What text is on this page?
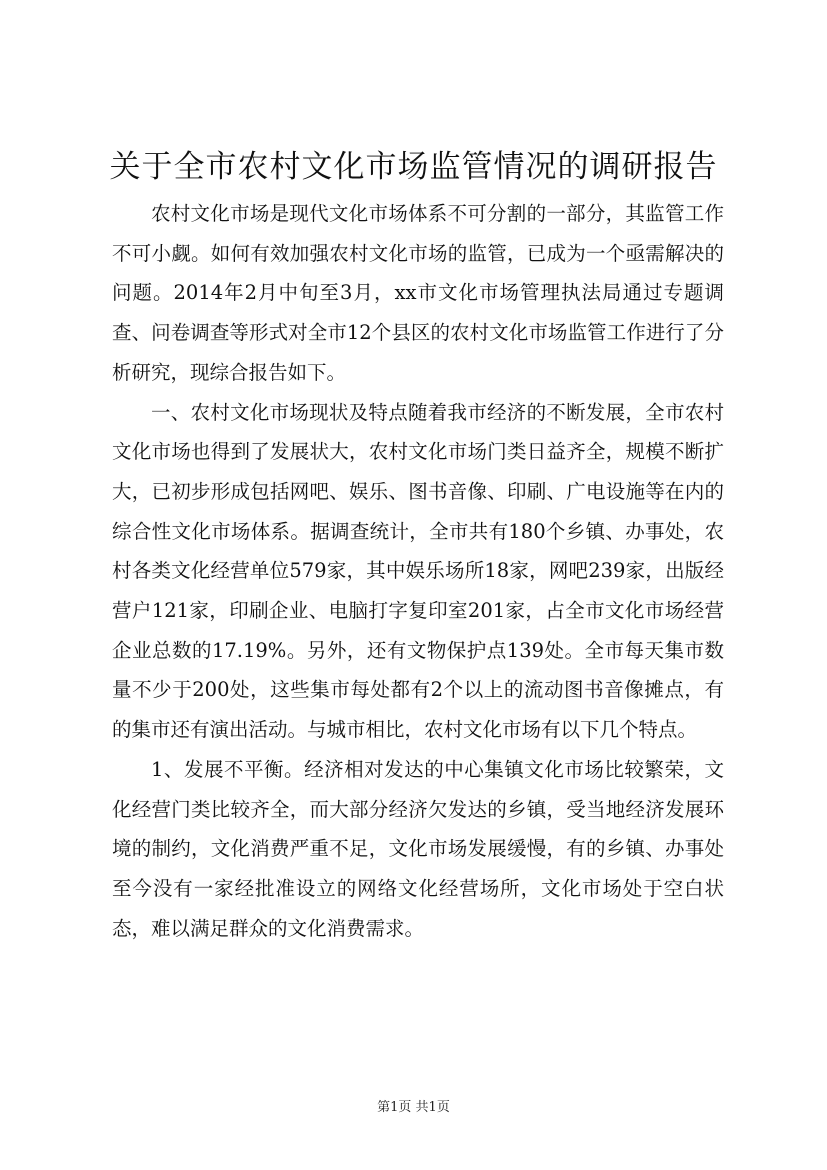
关于全市农村文化市场监管情况的调研报告

农村文化市场是现代文化市场体系不可分割的一部分，其监管工作不可小觑。如何有效加强农村文化市场的监管，已成为一个亟需解决的问题。2014年2月中旬至3月，xx市文化市场管理执法局通过专题调查、问卷调查等形式对全市12个县区的农村文化市场监管工作进行了分析研究，现综合报告如下。

一、农村文化市场现状及特点随着我市经济的不断发展，全市农村文化市场也得到了发展状大，农村文化市场门类日益齐全，规模不断扩大，已初步形成包括网吧、娱乐、图书音像、印刷、广电设施等在内的综合性文化市场体系。据调查统计，全市共有180个乡镇、办事处，农村各类文化经营单位579家，其中娱乐场所18家，网吧239家，出版经营户121家，印刷企业、电脑打字复印室201家，占全市文化市场经营企业总数的17.19%。另外，还有文物保护点139处。全市每天集市数量不少于200处，这些集市每处都有2个以上的流动图书音像摊点，有的集市还有演出活动。与城市相比，农村文化市场有以下几个特点。

1、发展不平衡。经济相对发达的中心集镇文化市场比较繁荣，文化经营门类比较齐全，而大部分经济欠发达的乡镇，受当地经济发展环境的制约，文化消费严重不足，文化市场发展缓慢，有的乡镇、办事处至今没有一家经批准设立的网络文化经营场所，文化市场处于空白状态，难以满足群众的文化消费需求。

第1页 共1页
